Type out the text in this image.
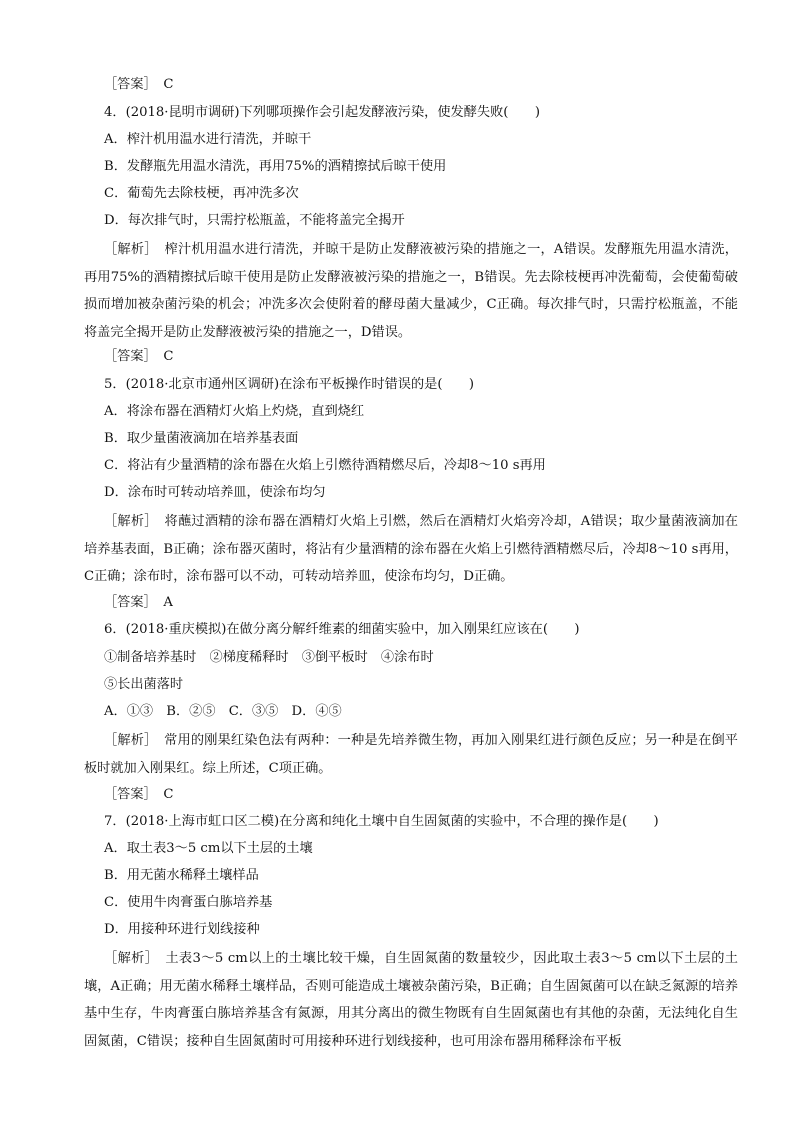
［答案］　C
4．(2018·昆明市调研)下列哪项操作会引起发酵液污染，使发酵失败(　　)
A．榨汁机用温水进行清洗，并晾干
B．发酵瓶先用温水清洗，再用75%的酒精擦拭后晾干使用
C．葡萄先去除枝梗，再冲洗多次
D．每次排气时，只需拧松瓶盖，不能将盖完全揭开
［解析］　榨汁机用温水进行清洗，并晾干是防止发酵液被污染的措施之一，A错误。发酵瓶先用温水清洗，再用75%的酒精擦拭后晾干使用是防止发酵液被污染的措施之一，B错误。先去除枝梗再冲洗葡萄，会使葡萄破损而增加被杂菌污染的机会；冲洗多次会使附着的酵母菌大量减少，C正确。每次排气时，只需拧松瓶盖，不能将盖完全揭开是防止发酵液被污染的措施之一，D错误。
［答案］　C
5．(2018·北京市通州区调研)在涂布平板操作时错误的是(　　)
A．将涂布器在酒精灯火焰上灼烧，直到烧红
B．取少量菌液滴加在培养基表面
C．将沾有少量酒精的涂布器在火焰上引燃待酒精燃尽后，冷却8～10 s再用
D．涂布时可转动培养皿，使涂布均匀
［解析］　将蘸过酒精的涂布器在酒精灯火焰上引燃，然后在酒精灯火焰旁冷却，A错误；取少量菌液滴加在培养基表面，B正确；涂布器灭菌时，将沾有少量酒精的涂布器在火焰上引燃待酒精燃尽后，冷却8～10 s再用，C正确；涂布时，涂布器可以不动，可转动培养皿，使涂布均匀，D正确。
［答案］　A
6．(2018·重庆模拟)在做分离分解纤维素的细菌实验中，加入刚果红应该在(　　)
①制备培养基时　②梯度稀释时　③倒平板时　④涂布时
⑤长出菌落时
A．①③　B．②⑤　C．③⑤　D．④⑤
［解析］　常用的刚果红染色法有两种：一种是先培养微生物，再加入刚果红进行颜色反应；另一种是在倒平板时就加入刚果红。综上所述，C项正确。
［答案］　C
7．(2018·上海市虹口区二模)在分离和纯化土壤中自生固氮菌的实验中，不合理的操作是(　　)
A．取土表3～5 cm以下土层的土壤
B．用无菌水稀释土壤样品
C．使用牛肉膏蛋白胨培养基
D．用接种环进行划线接种
［解析］　土表3～5 cm以上的土壤比较干燥，自生固氮菌的数量较少，因此取土表3～5 cm以下土层的土壤，A正确；用无菌水稀释土壤样品，否则可能造成土壤被杂菌污染，B正确；自生固氮菌可以在缺乏氮源的培养基中生存，牛肉膏蛋白胨培养基含有氮源，用其分离出的微生物既有自生固氮菌也有其他的杂菌，无法纯化自生固氮菌，C错误；接种自生固氮菌时可用接种环进行划线接种，也可用涂布器用稀释涂布平板
